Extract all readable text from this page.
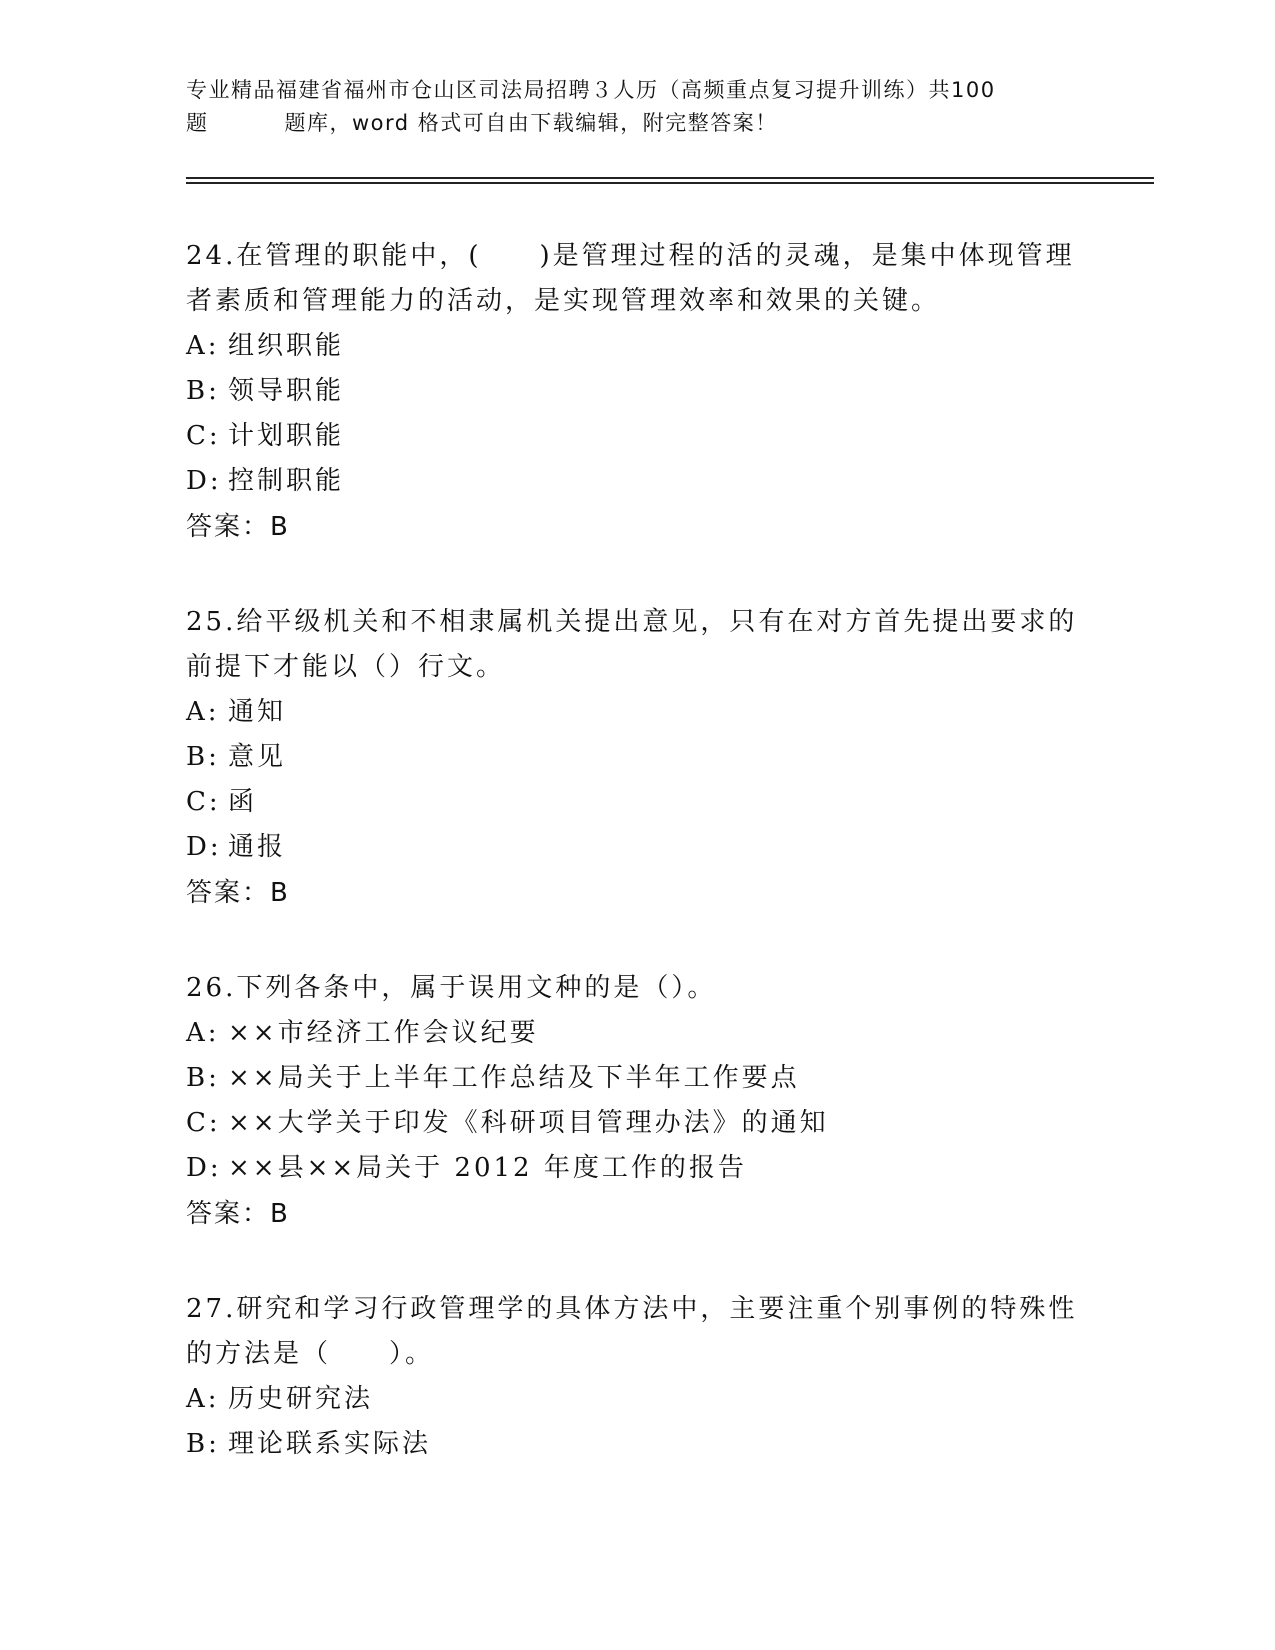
专业精品福建省福州市仓山区司法局招聘３人历（高频重点复习提升训练）共100
题	题库，word 格式可自由下载编辑，附完整答案！

24.在管理的职能中，(　　)是管理过程的活的灵魂，是集中体现管理者素质和管理能力的活动，是实现管理效率和效果的关键。

A: 组织职能

B: 领导职能

C: 计划职能

D: 控制职能

答案：B

25.给平级机关和不相隶属机关提出意见，只有在对方首先提出要求的前提下才能以（）行文。

A: 通知

B: 意见

C: 函

D: 通报

答案：B

26.下列各条中，属于误用文种的是（）。

A: ××市经济工作会议纪要

B: ××局关于上半年工作总结及下半年工作要点

C: ××大学关于印发《科研项目管理办法》的通知

D: ××县××局关于 2012 年度工作的报告

答案：B

27.研究和学习行政管理学的具体方法中，主要注重个别事例的特殊性的方法是（　　）。

A: 历史研究法

B: 理论联系实际法
